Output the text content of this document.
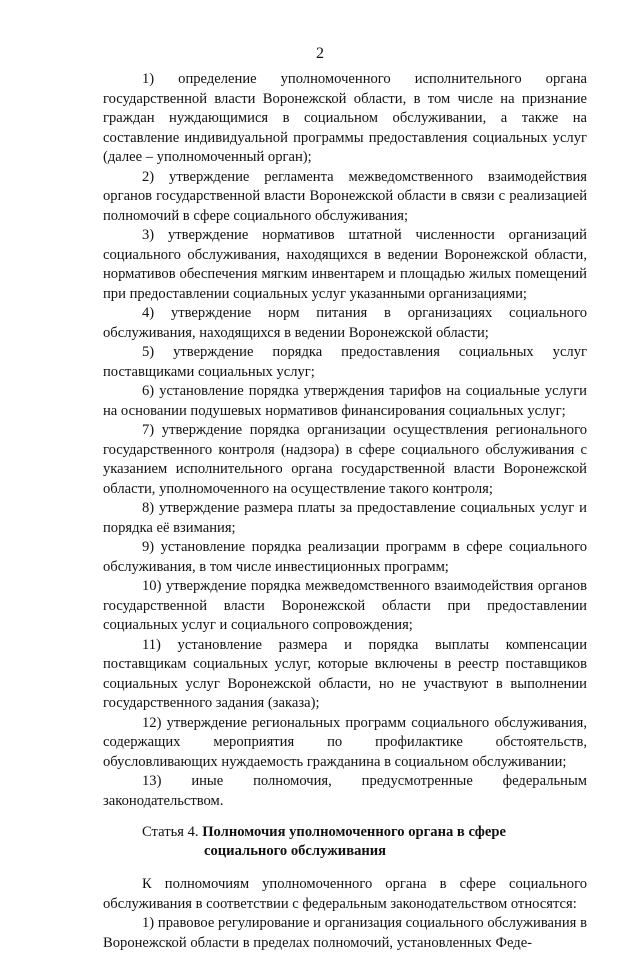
2

1) определение уполномоченного исполнительного органа государственной власти Воронежской области, в том числе на признание граждан нуждающимися в социальном обслуживании, а также на составление индивидуальной программы предоставления социальных услуг (далее – уполномоченный орган);

2) утверждение регламента межведомственного взаимодействия органов государственной власти Воронежской области в связи с реализацией полномочий в сфере социального обслуживания;

3) утверждение нормативов штатной численности организаций социального обслуживания, находящихся в ведении Воронежской области, нормативов обеспечения мягким инвентарем и площадью жилых помещений при предоставлении социальных услуг указанными организациями;

4) утверждение норм питания в организациях социального обслуживания, находящихся в ведении Воронежской области;

5) утверждение порядка предоставления социальных услуг поставщиками социальных услуг;

6) установление порядка утверждения тарифов на социальные услуги на основании подушевых нормативов финансирования социальных услуг;

7) утверждение порядка организации осуществления регионального государственного контроля (надзора) в сфере социального обслуживания с указанием исполнительного органа государственной власти Воронежской области, уполномоченного на осуществление такого контроля;

8) утверждение размера платы за предоставление социальных услуг и порядка её взимания;

9) установление порядка реализации программ в сфере социального обслуживания, в том числе инвестиционных программ;

10) утверждение порядка межведомственного взаимодействия органов государственной власти Воронежской области при предоставлении социальных услуг и социального сопровождения;

11) установление размера и порядка выплаты компенсации поставщикам социальных услуг, которые включены в реестр поставщиков социальных услуг Воронежской области, но не участвуют в выполнении государственного задания (заказа);

12) утверждение региональных программ социального обслуживания, содержащих мероприятия по профилактике обстоятельств, обусловливающих нуждаемость гражданина в социальном обслуживании;

13) иные полномочия, предусмотренные федеральным законодательством.

Статья 4. Полномочия уполномоченного органа в сфере
социального обслуживания

К полномочиям уполномоченного органа в сфере социального обслуживания в соответствии с федеральным законодательством относятся:

1) правовое регулирование и организация социального обслуживания в Воронежской области в пределах полномочий, установленных Феде-
